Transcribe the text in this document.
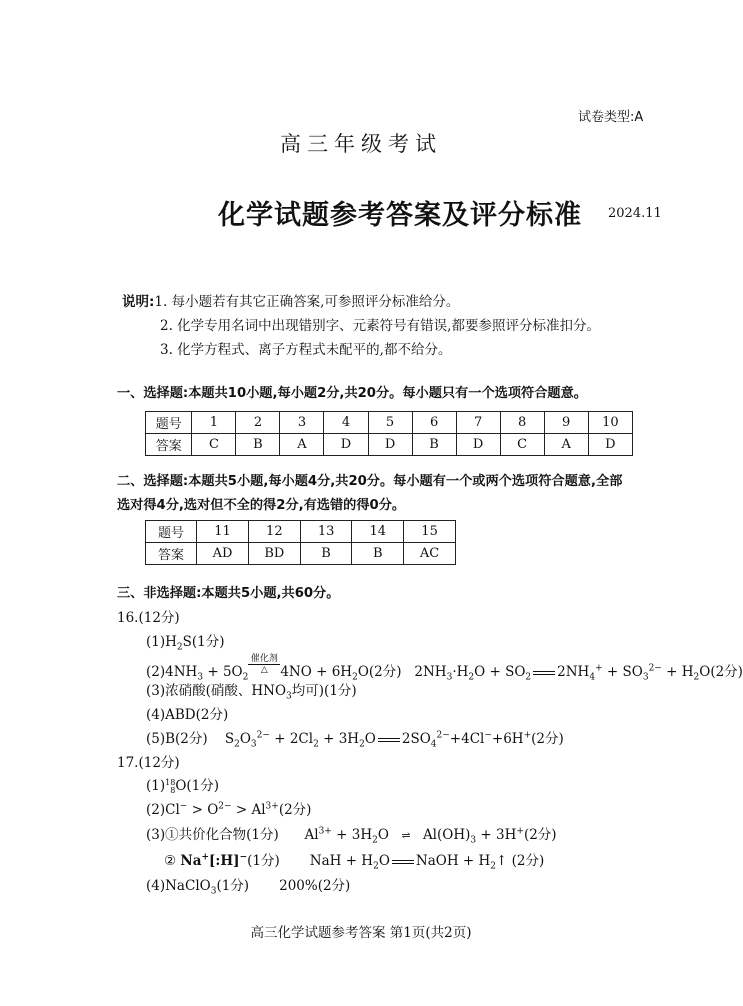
试卷类型:A
高三年级考试
化学试题参考答案及评分标准 2024.11
说明:1. 每小题若有其它正确答案,可参照评分标准给分。
2. 化学专用名词中出现错别字、元素符号有错误,都要参照评分标准扣分。
3. 化学方程式、离子方程式未配平的,都不给分。
一、选择题:本题共10小题,每小题2分,共20分。每小题只有一个选项符合题意。
题号	1	2	3	4	5	6	7	8	9	10
答案	C	B	A	D	D	B	D	C	A	D
二、选择题:本题共5小题,每小题4分,共20分。每小题有一个或两个选项符合题意,全部
选对得4分,选对但不全的得2分,有选错的得0分。
题号	11	12	13	14	15
答案	AD	BD	B	B	AC
三、非选择题:本题共5小题,共60分。
16.(12分)
$(1)H_2S(1$分)
$(2)4NH_3 + 5O_2$
催化剂
△ $4NO + 6H_2O(2$分)   $2NH_3\cdot H_2O + SO_2$ $2NH_4^+ + SO_3^{2-} + H_2O(2$分)
(3)浓硝酸(硝酸、$HNO_3$均可)(1分)
(4)ABD(2分)
(5)B(2分)    $S_2O_3^{2-} + 2Cl_2 + 3H_2O$ $2SO_4^{2-}+4Cl^-+6H^+(2$分)
17.(12分)
(1)18
8O(1分)
$(2)Cl^- > O^{2-} > Al^{3+}(2$分)
(3)①共价化合物(1分)      $Al^{3+} + 3H_2O$ ⇌ $Al(OH)_3 + 3H^+(2$分)
② Na+[:H]−(1分)       NaH + $H_2O$ NaOH + $H_2↑$ (2分)
(4)NaClO$_3$(1分) 200%(2分)
高三化学试题参考答案 第1页(共2页)
